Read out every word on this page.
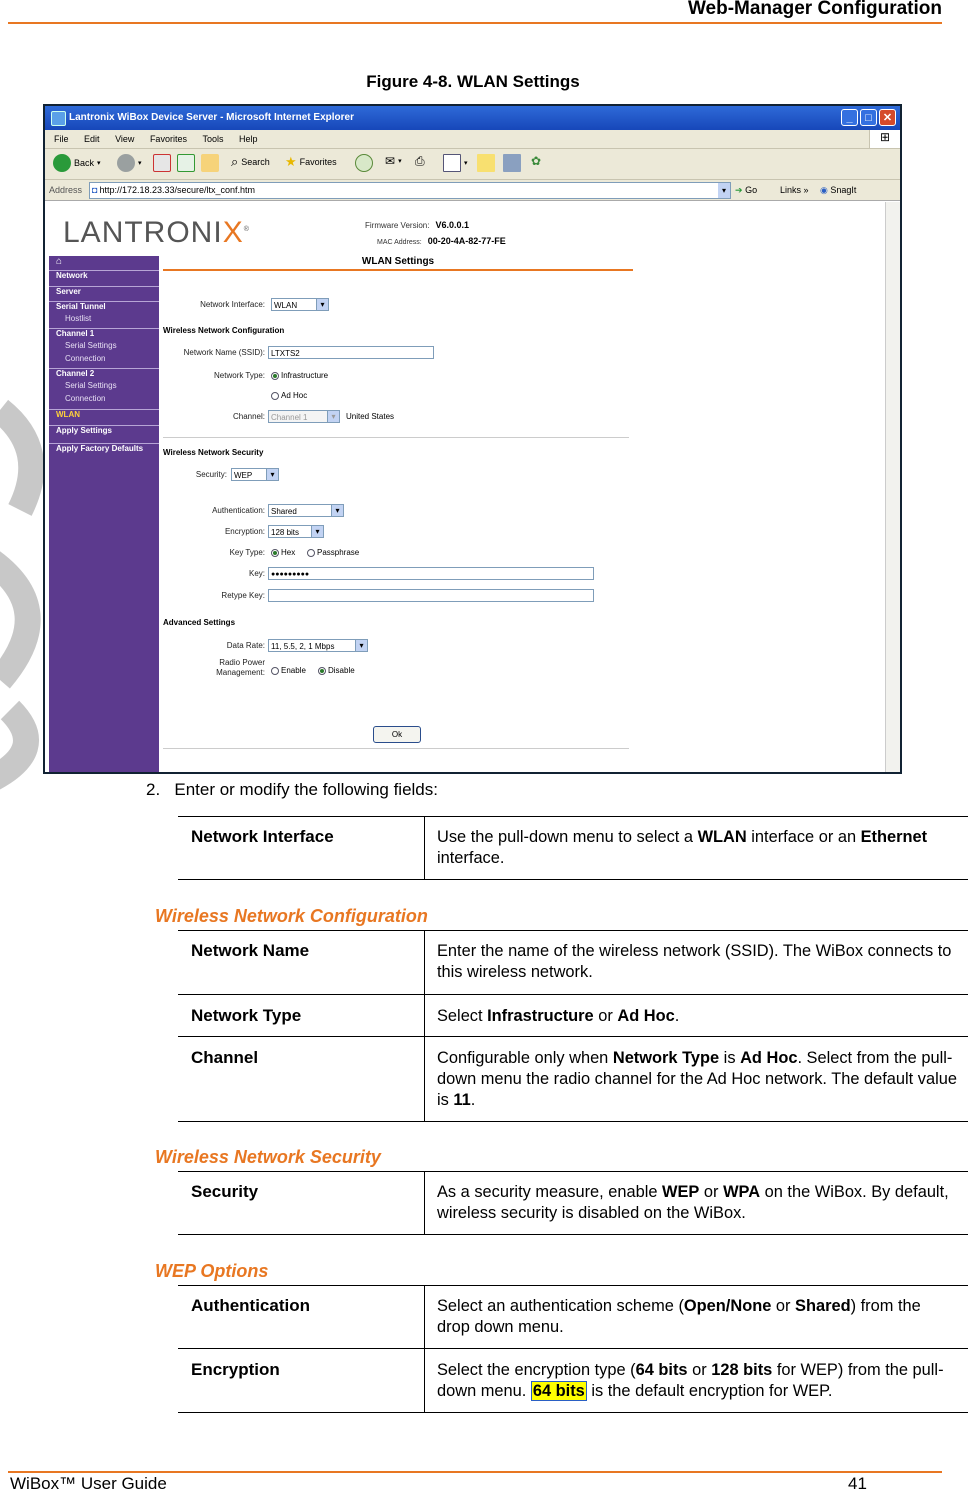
Web-Manager Configuration
Figure 4-8. WLAN Settings
Lantronix WiBox Device Server - Microsoft Internet Explorer	_	□	✕
File Edit View Favorites Tools Help	⊞
Back ▾	▾	⌕ Search ★ Favorites	✉ ▾ ⎙	▾	✿
Address	◘ http://172.18.23.33/secure/ltx_conf.htm	▾	➔ Go	Links » ◉ SnagIt
LANTRONIX®	Firmware Version: V6.0.0.1
MAC Address: 00-20-4A-82-77-FE
⌂
Network
Server
Serial Tunnel
Hostlist
Channel 1
Serial Settings
Connection
Channel 2
Serial Settings
Connection
WLAN
Apply Settings
Apply Factory Defaults
WLAN Settings
Network Interface:	WLAN ▾
Wireless Network Configuration
Network Name (SSID): LTXTS2
Network Type: Infrastructure
Ad Hoc
Channel: Channel 1 ▾	United States
Wireless Network Security
Security: WEP ▾
Authentication: Shared ▾
Encryption: 128 bits ▾
Key Type: Hex	Passphrase
Key: ●●●●●●●●●
Retype Key:
Advanced Settings
Data Rate: 11, 5.5, 2, 1 Mbps ▾
Radio Power
Management: Enable	Disable
Ok
2. Enter or modify the following fields:
Network Interface	Use the pull-down menu to select a WLAN interface or an Ethernet interface.
Wireless Network Configuration
Network Name	Enter the name of the wireless network (SSID). The WiBox connects to this wireless network.
Network Type	Select Infrastructure or Ad Hoc.
Channel	Configurable only when Network Type is Ad Hoc. Select from the pull-down menu the radio channel for the Ad Hoc network. The default value is 11.
Wireless Network Security
Security	As a security measure, enable WEP or WPA on the WiBox. By default, wireless security is disabled on the WiBox.
WEP Options
Authentication	Select an authentication scheme (Open/None or Shared) from the drop down menu.
Encryption	Select the encryption type (64 bits or 128 bits for WEP) from the pull-down menu. 64 bits is the default encryption for WEP.
WiBox™ User Guide	41
